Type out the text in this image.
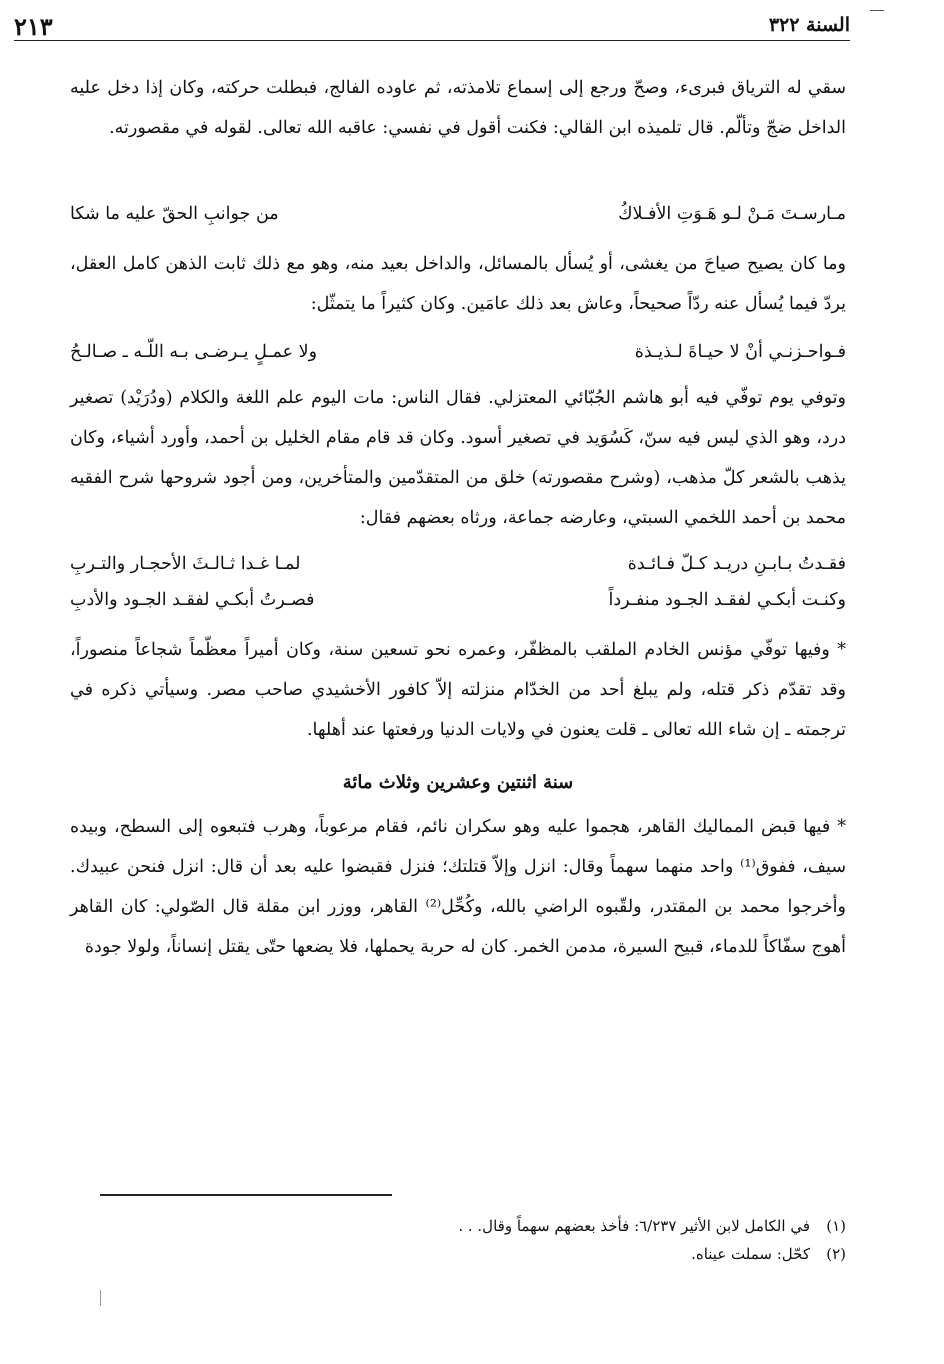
السنة ٣٢٢
٢١٣

سقي له الترياق فبرىء، وصحّ ورجع إلى إسماع تلامذته، ثم عاوده الفالج، فبطلت حركته، وكان إذا دخل عليه الداخل ضجّ وتألّم. قال تلميذه ابن القالي: فكنت أقول في نفسي: عاقبه الله تعالى. لقوله في مقصورته.

مـارسـتَ مَـنْ لـو هَـوَتِ الأفـلاكُ
من جوانبِ الحقّ عليه ما شكا

وما كان يصيح صياحَ من يغشى، أو يُسأل بالمسائل، والداخل بعيد منه، وهو مع ذلك ثابت الذهن كامل العقل، يردّ فيما يُسأل عنه ردّاً صحيحاً، وعاش بعد ذلك عامَين. وكان كثيراً ما يتمثّل:

فـواحـزنـي أنْ لا حيـاةَ لـذيـذة
ولا عمـلٍ يـرضـى بـه اللّـه ـ صـالـحُ

وتوفي يوم توفّي فيه أبو هاشم الجُبّائي المعتزلي. فقال الناس: مات اليوم علم اللغة والكلام (ودُرَيْد) تصغير درد، وهو الذي ليس فيه سنّ، كَسُوَيد في تصغير أسود. وكان قد قام مقام الخليل بن أحمد، وأورد أشياء، وكان يذهب بالشعر كلّ مذهب، (وشرح مقصورته) خلق من المتقدّمين والمتأخرين، ومن أجود شروحها شرح الفقيه محمد بن أحمد اللخمي السبتي، وعارضه جماعة، ورثاه بعضهم فقال:

فقـدتُ بـابـنِ دريـد كـلّ فـائـدة
لمـا غـدا ثـالـثَ الأحجـار والتـربِ
وكنـت أبكـي لفقـد الجـود منفـرداً
فصـرتُ أبكـي لفقـد الجـود والأدبِ

* وفيها توفّي مؤنس الخادم الملقب بالمظفّر، وعمره نحو تسعين سنة، وكان أميراً معظّماً شجاعاً منصوراً، وقد تقدّم ذكر قتله، ولم يبلغ أحد من الخدّام منزلته إلاّ كافور الأخشيدي صاحب مصر. وسيأتي ذكره في ترجمته ـ إن شاء الله تعالى ـ قلت يعنون في ولايات الدنيا ورفعتها عند أهلها.

سنة اثنتين وعشرين وثلاث مائة

* فيها قبض المماليك القاهر، هجموا عليه وهو سكران نائم، فقام مرعوباً، وهرب فتبعوه إلى السطح، وبيده سيف، ففوق⁽¹⁾ واحد منهما سهماً وقال: انزل وإلاّ قتلتك؛ فنزل فقبضوا عليه بعد أن قال: انزل فنحن عبيدك. وأخرجوا محمد بن المقتدر، ولقّبوه الراضي بالله، وكُحِّل⁽²⁾ القاهر، ووزر ابن مقلة قال الصّولي: كان القاهر أهوج سفّاكاً للدماء، قبيح السيرة، مدمن الخمر. كان له حربة يحملها، فلا يضعها حتّى يقتل إنساناً، ولولا جودة

(١)
في الكامل لابن الأثير ٦/٢٣٧: فأخذ بعضهم سهماً وقال. . .
(٢)
كحّل: سملت عيناه.
